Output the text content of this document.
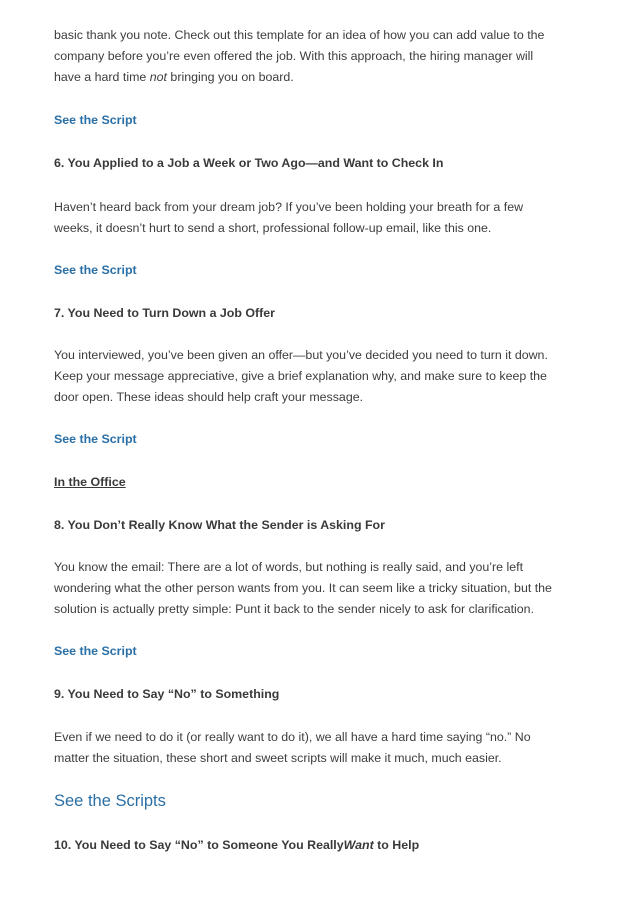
basic thank you note. Check out this template for an idea of how you can add value to the
company before you’re even offered the job. With this approach, the hiring manager will
have a hard time not bringing you on board.
See the Script
6. You Applied to a Job a Week or Two Ago—and Want to Check In
Haven’t heard back from your dream job? If you’ve been holding your breath for a few
weeks, it doesn’t hurt to send a short, professional follow-up email, like this one.
See the Script
7. You Need to Turn Down a Job Offer
You interviewed, you’ve been given an offer—but you’ve decided you need to turn it down.
Keep your message appreciative, give a brief explanation why, and make sure to keep the
door open. These ideas should help craft your message.
See the Script
In the Office
8. You Don’t Really Know What the Sender is Asking For
You know the email: There are a lot of words, but nothing is really said, and you’re left
wondering what the other person wants from you. It can seem like a tricky situation, but the
solution is actually pretty simple: Punt it back to the sender nicely to ask for clarification.
See the Script
9. You Need to Say “No” to Something
Even if we need to do it (or really want to do it), we all have a hard time saying “no.” No
matter the situation, these short and sweet scripts will make it much, much easier.
See the Scripts
10. You Need to Say “No” to Someone You ReallyWant to Help
